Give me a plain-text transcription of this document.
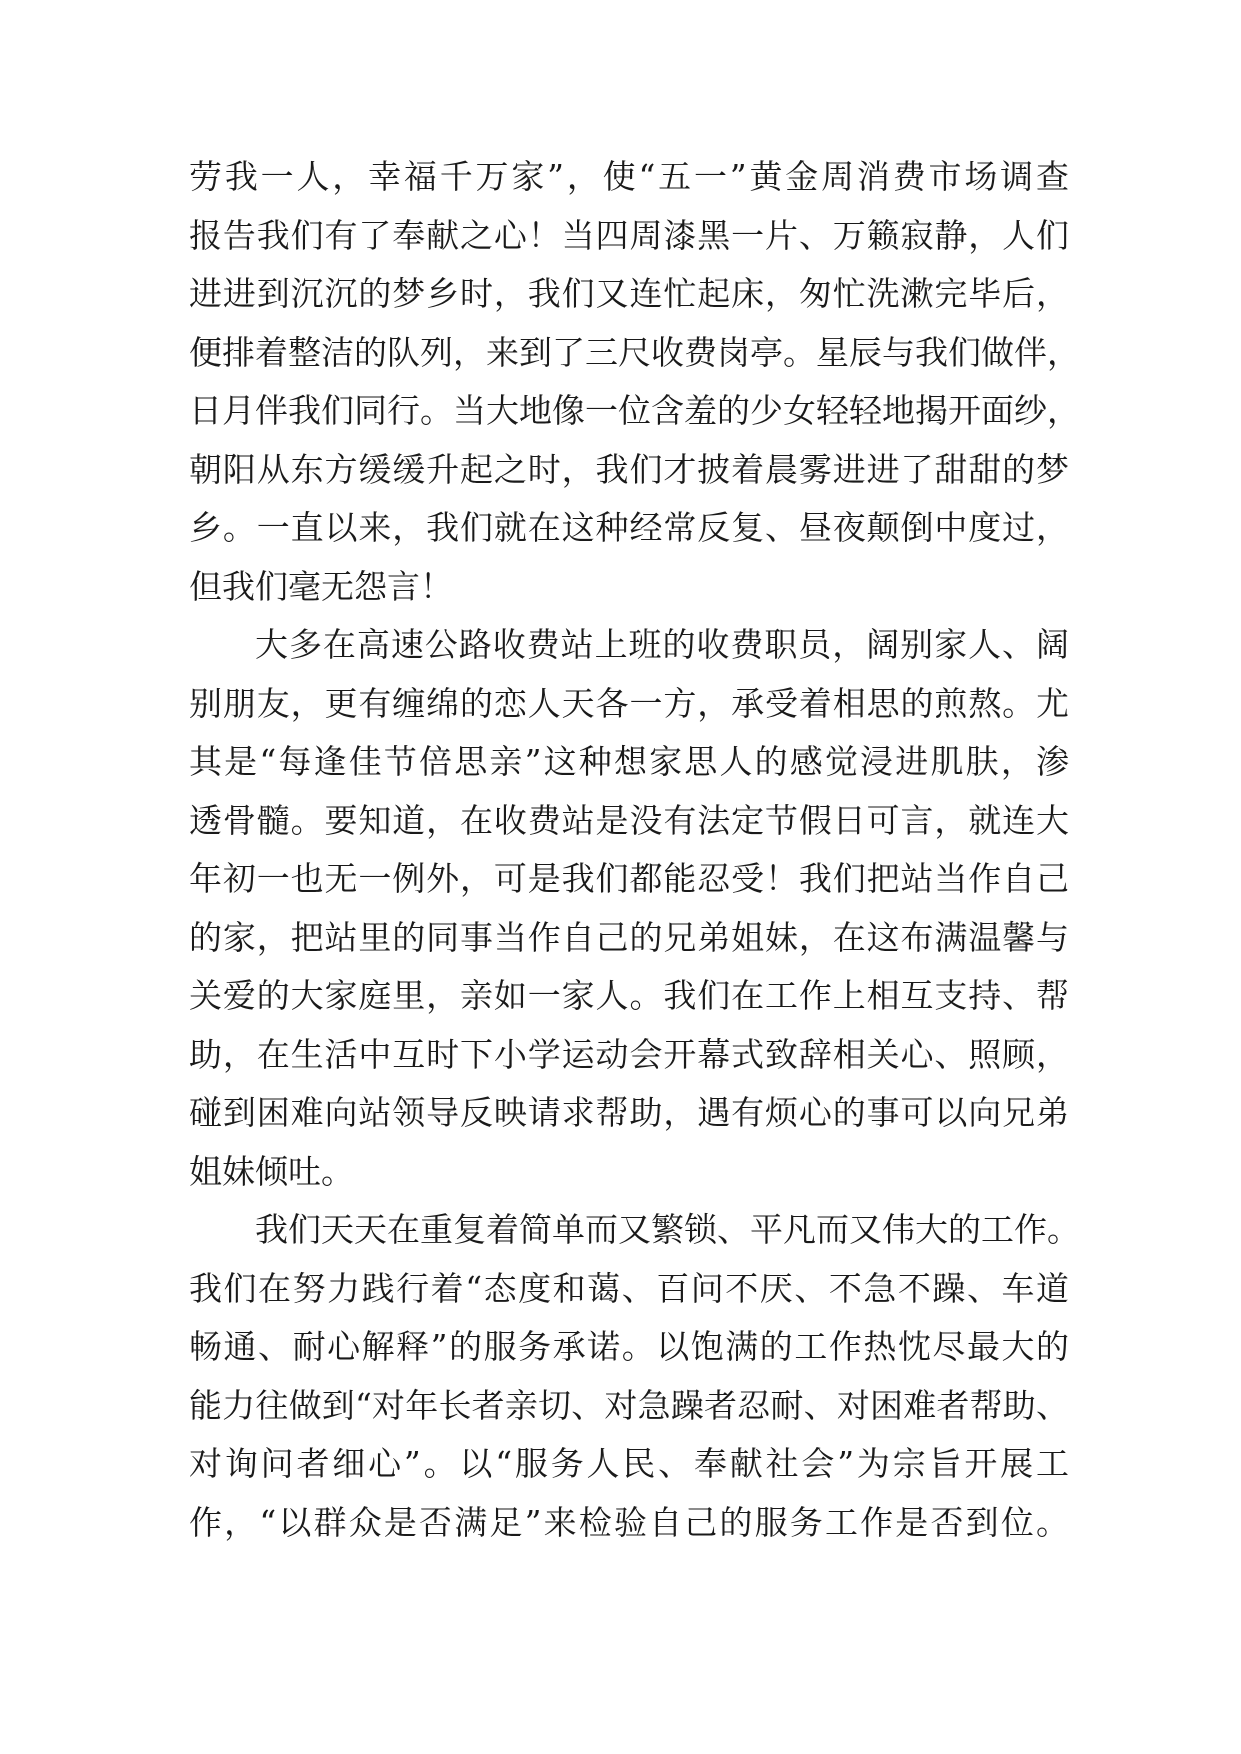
劳我一人，幸福千万家”，使“五一”黄金周消费市场调查
报告我们有了奉献之心！当四周漆黑一片、万籁寂静，人们
进进到沉沉的梦乡时，我们又连忙起床，匆忙洗漱完毕后，
便排着整洁的队列，来到了三尺收费岗亭。星辰与我们做伴，
日月伴我们同行。当大地像一位含羞的少女轻轻地揭开面纱，
朝阳从东方缓缓升起之时，我们才披着晨雾进进了甜甜的梦
乡。一直以来，我们就在这种经常反复、昼夜颠倒中度过，
但我们毫无怨言！
大多在高速公路收费站上班的收费职员，阔别家人、阔
别朋友，更有缠绵的恋人天各一方，承受着相思的煎熬。尤
其是“每逢佳节倍思亲”这种想家思人的感觉浸进肌肤，渗
透骨髓。要知道，在收费站是没有法定节假日可言，就连大
年初一也无一例外，可是我们都能忍受！我们把站当作自己
的家，把站里的同事当作自己的兄弟姐妹，在这布满温馨与
关爱的大家庭里，亲如一家人。我们在工作上相互支持、帮
助，在生活中互时下小学运动会开幕式致辞相关心、照顾，
碰到困难向站领导反映请求帮助，遇有烦心的事可以向兄弟
姐妹倾吐。
我们天天在重复着简单而又繁锁、平凡而又伟大的工作。
我们在努力践行着“态度和蔼、百问不厌、不急不躁、车道
畅通、耐心解释”的服务承诺。以饱满的工作热忱尽最大的
能力往做到“对年长者亲切、对急躁者忍耐、对困难者帮助、
对询问者细心”。以“服务人民、奉献社会”为宗旨开展工
作，“以群众是否满足”来检验自己的服务工作是否到位。
